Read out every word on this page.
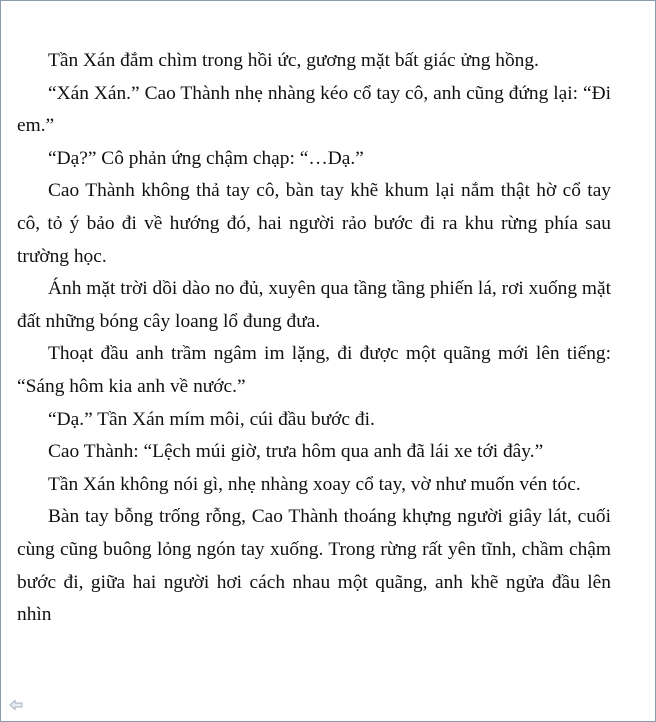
Tần Xán đắm chìm trong hồi ức, gương mặt bất giác ửng hồng.

“Xán Xán.” Cao Thành nhẹ nhàng kéo cổ tay cô, anh cũng đứng lại: “Đi em.”

“Dạ?” Cô phản ứng chậm chạp: “…Dạ.”

Cao Thành không thả tay cô, bàn tay khẽ khum lại nắm thật hờ cổ tay cô, tỏ ý bảo đi về hướng đó, hai người rảo bước đi ra khu rừng phía sau trường học.

Ánh mặt trời dồi dào no đủ, xuyên qua tầng tầng phiến lá, rơi xuống mặt đất những bóng cây loang lổ đung đưa.

Thoạt đầu anh trầm ngâm im lặng, đi được một quãng mới lên tiếng: “Sáng hôm kia anh về nước.”

“Dạ.” Tần Xán mím môi, cúi đầu bước đi.

Cao Thành: “Lệch múi giờ, trưa hôm qua anh đã lái xe tới đây.”

Tần Xán không nói gì, nhẹ nhàng xoay cổ tay, vờ như muốn vén tóc.

Bàn tay bỗng trống rỗng, Cao Thành thoáng khựng người giây lát, cuối cùng cũng buông lỏng ngón tay xuống. Trong rừng rất yên tĩnh, chầm chậm bước đi, giữa hai người hơi cách nhau một quãng, anh khẽ ngửa đầu lên nhìn
